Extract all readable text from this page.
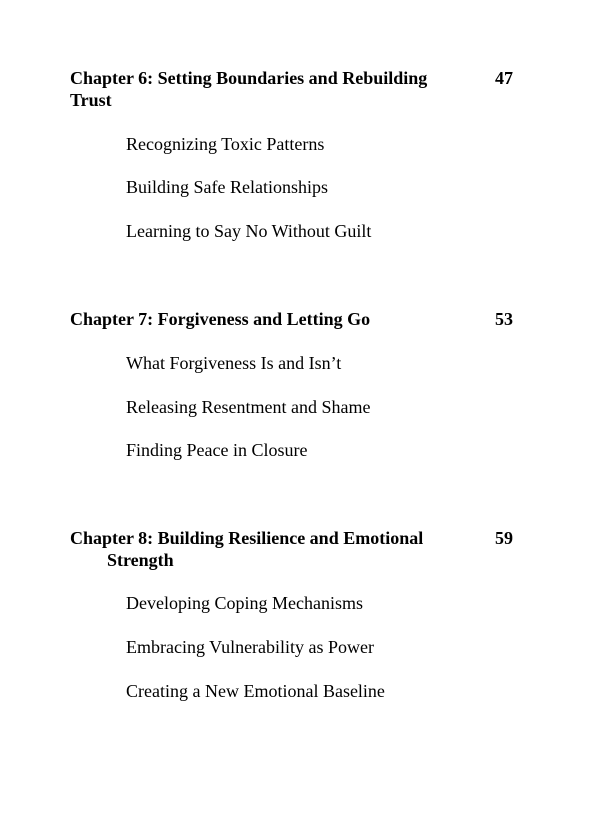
Chapter 6: Setting Boundaries and Rebuilding
Trust
47
Recognizing Toxic Patterns
Building Safe Relationships
Learning to Say No Without Guilt
Chapter 7: Forgiveness and Letting Go	53
What Forgiveness Is and Isn’t
Releasing Resentment and Shame
Finding Peace in Closure
Chapter 8: Building Resilience and Emotional
Strength
59
Developing Coping Mechanisms
Embracing Vulnerability as Power
Creating a New Emotional Baseline
